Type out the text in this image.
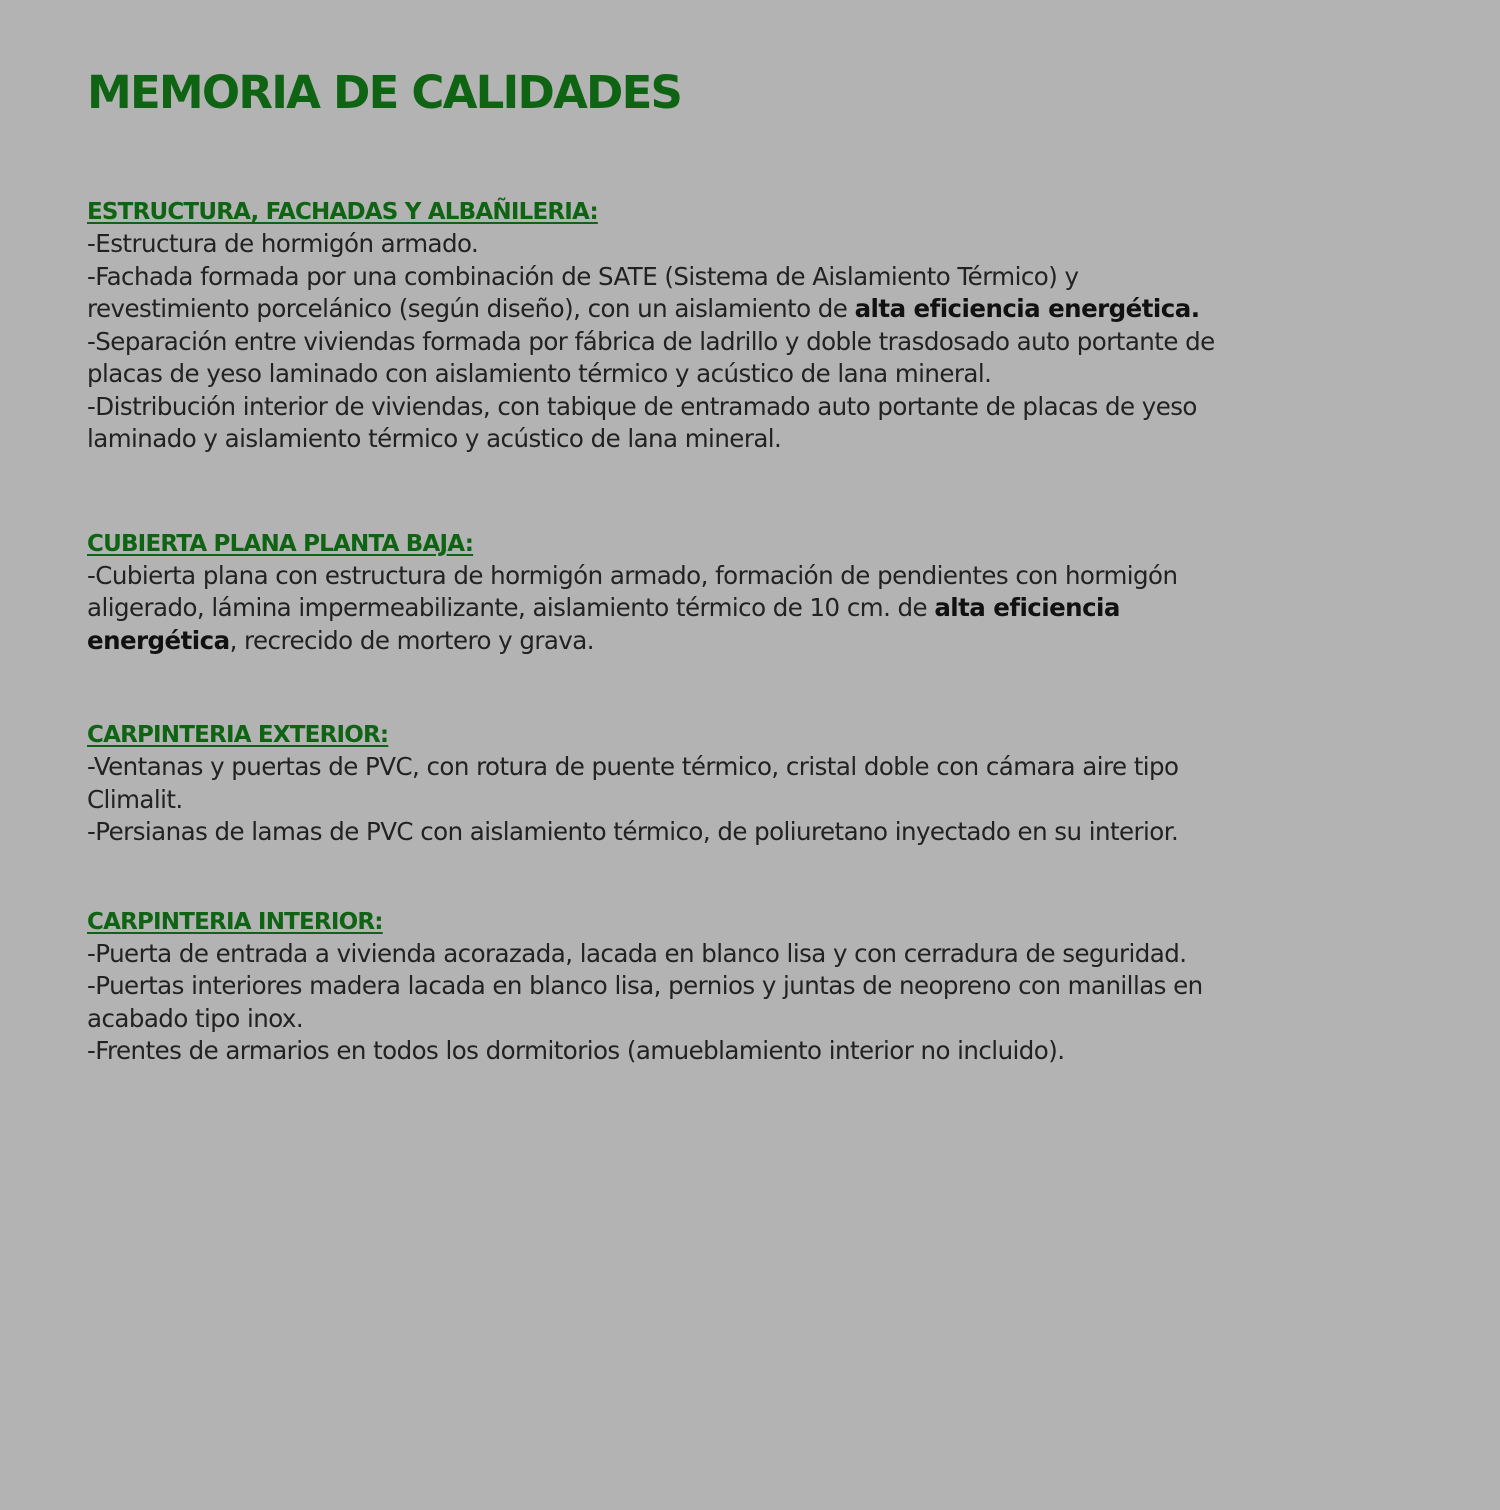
MEMORIA DE CALIDADES
ESTRUCTURA, FACHADAS Y ALBAÑILERIA:

-Estructura de hormigón armado.

-Fachada formada por una combinación de SATE (Sistema de Aislamiento Térmico) y revestimiento porcelánico (según diseño), con un aislamiento de alta eficiencia energética.

-Separación entre viviendas formada por fábrica de ladrillo y doble trasdosado auto portante de placas de yeso laminado con aislamiento térmico y acústico de lana mineral.

-Distribución interior de viviendas, con tabique de entramado auto portante de placas de yeso laminado y aislamiento térmico y acústico de lana mineral.

CUBIERTA PLANA PLANTA BAJA:

-Cubierta plana con estructura de hormigón armado, formación de pendientes con hormigón aligerado, lámina impermeabilizante, aislamiento térmico de 10 cm. de alta eficiencia energética, recrecido de mortero y grava.

CARPINTERIA EXTERIOR:

-Ventanas y puertas de PVC, con rotura de puente térmico, cristal doble con cámara aire tipo Climalit.

-Persianas de lamas de PVC con aislamiento térmico, de poliuretano inyectado en su interior.

CARPINTERIA INTERIOR:

-Puerta de entrada a vivienda acorazada, lacada en blanco lisa y con cerradura de seguridad.

-Puertas interiores madera lacada en blanco lisa, pernios y juntas de neopreno con manillas en acabado tipo inox.

-Frentes de armarios en todos los dormitorios (amueblamiento interior no incluido).
